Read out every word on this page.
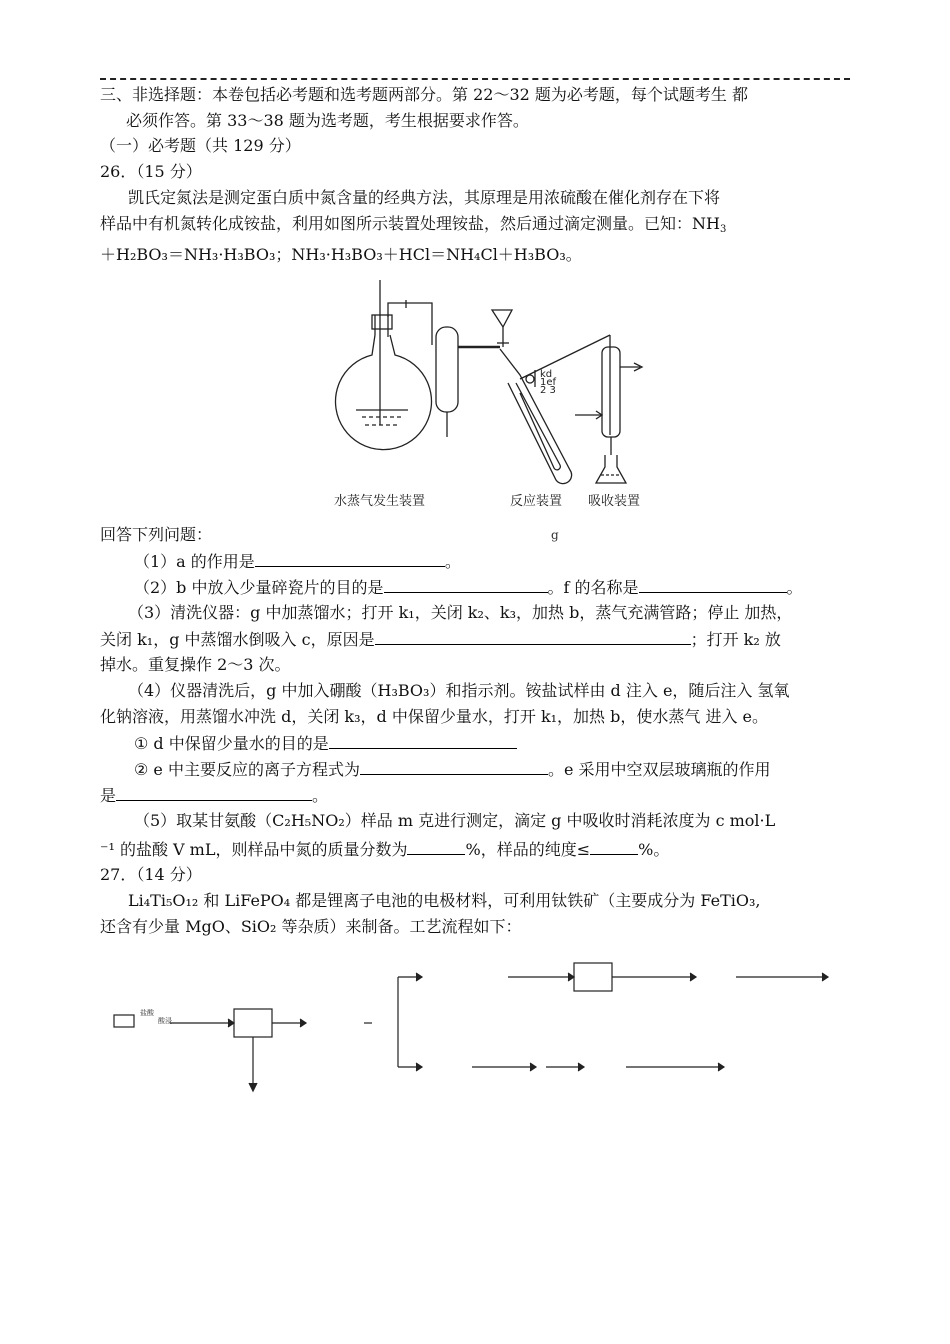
三、非选择题：本卷包括必考题和选考题两部分。第 22～32 题为必考题，每个试题考生 都
必须作答。第 33～38 题为选考题，考生根据要求作答。
（一）必考题（共 129 分）
26．（15 分）
凯氏定氮法是测定蛋白质中氮含量的经典方法，其原理是用浓硫酸在催化剂存在下将
样品中有机氮转化成铵盐，利用如图所示装置处理铵盐，然后通过滴定测量。已知：$NH_3$
＋H₂BO₃＝NH₃·H₃BO₃；NH₃·H₃BO₃＋HCl＝NH₄Cl＋H₃BO₃。
kd 1ef 2 3
水蒸气发生装置	反应装置 吸收装置
回答下列问题：	g
（1）a 的作用是	。
（2）b 中放入少量碎瓷片的目的是	。f 的名称是	。
（3）清洗仪器：g 中加蒸馏水；打开 k₁，关闭 k₂、k₃，加热 b，蒸气充满管路；停止 加热，
关闭 k₁，g 中蒸馏水倒吸入 c，原因是	；打开 k₂ 放
掉水。重复操作 2～3 次。
（4）仪器清洗后，g 中加入硼酸（H₃BO₃）和指示剂。铵盐试样由 d 注入 e，随后注入 氢氧
化钠溶液，用蒸馏水冲洗 d，关闭 k₃，d 中保留少量水，打开 k₁，加热 b，使水蒸气 进入 e。
① d 中保留少量水的目的是
② e 中主要反应的离子方程式为	。e 采用中空双层玻璃瓶的作用
是	。
（5）取某甘氨酸（C₂H₅NO₂）样品 m 克进行测定，滴定 g 中吸收时消耗浓度为 c mol·L
⁻¹ 的盐酸 V mL，则样品中氮的质量分数为	%，样品的纯度≤	%。
27．（14 分）
Li₄Ti₅O₁₂ 和 LiFePO₄ 都是锂离子电池的电极材料，可利用钛铁矿（主要成分为 FeTiO₃,
还含有少量 MgO、SiO₂ 等杂质）来制备。工艺流程如下：
盐酸
酸浸
